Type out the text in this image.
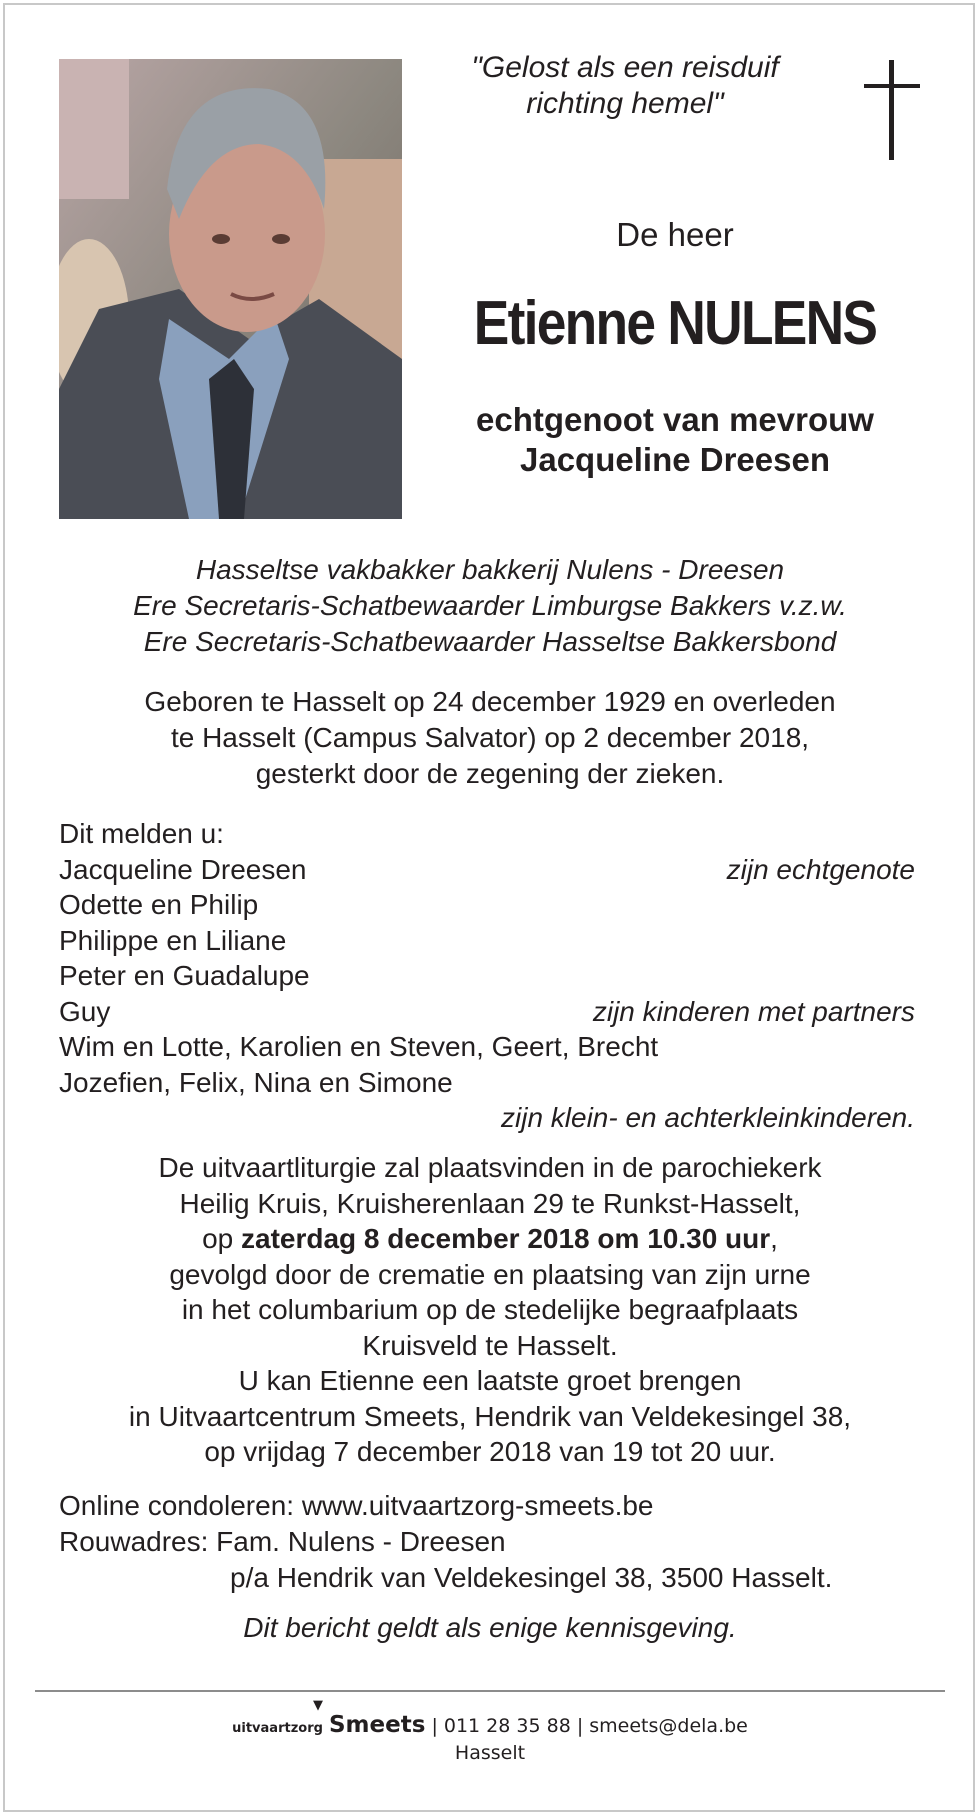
"Gelost als een reisduif
richting hemel"
De heer
Etienne NULENS
echtgenoot van mevrouw
Jacqueline Dreesen
Hasseltse vakbakker bakkerij Nulens - Dreesen
Ere Secretaris-Schatbewaarder Limburgse Bakkers v.z.w.
Ere Secretaris-Schatbewaarder Hasseltse Bakkersbond
Geboren te Hasselt op 24 december 1929 en overleden
te Hasselt (Campus Salvator) op 2 december 2018,
gesterkt door de zegening der zieken.
Dit melden u:
Jacqueline Dreesen	zijn echtgenote
Odette en Philip
Philippe en Liliane
Peter en Guadalupe
Guy	zijn kinderen met partners
Wim en Lotte, Karolien en Steven, Geert, Brecht
Jozefien, Felix, Nina en Simone
zijn klein- en achterkleinkinderen.
De uitvaartliturgie zal plaatsvinden in de parochiekerk
Heilig Kruis, Kruisherenlaan 29 te Runkst-Hasselt,
op zaterdag 8 december 2018 om 10.30 uur,
gevolgd door de crematie en plaatsing van zijn urne
in het columbarium op de stedelijke begraafplaats
Kruisveld te Hasselt.
U kan Etienne een laatste groet brengen
in Uitvaartcentrum Smeets, Hendrik van Veldekesingel 38,
op vrijdag 7 december 2018 van 19 tot 20 uur.
Online condoleren: www.uitvaartzorg-smeets.be
Rouwadres: Fam. Nulens - Dreesen
p/a Hendrik van Veldekesingel 38, 3500 Hasselt.
Dit bericht geldt als enige kennisgeving.
uitvaartzorg
▼
Smeets | 011 28 35 88 | smeets@dela.be
Hasselt
